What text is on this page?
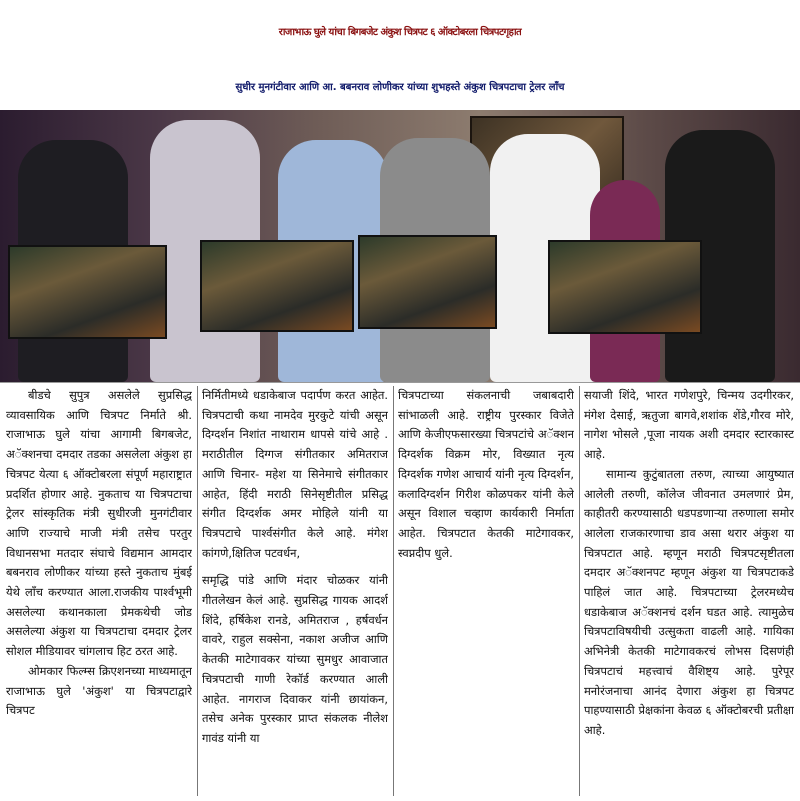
राजाभाऊ घुले यांचा बिगबजेट अंकुश चित्रपट ६ ऑक्टोबरला चित्रपटगृहात
सुधीर मुनगंटीवार आणि आ. बबनराव लोणीकर यांच्या शुभहस्ते अंकुश चित्रपटाचा ट्रेलर लाँच

बीडचे सुपुत्र असलेले सुप्रसिद्ध व्यावसायिक आणि चित्रपट निर्माते श्री. राजाभाऊ घुले यांचा आगामी बिगबजेट, अॅक्शनचा दमदार तडका असलेला अंकुश हा चित्रपट येत्या ६ ऑक्टोबरला संपूर्ण महाराष्ट्रात प्रदर्शित होणार आहे. नुकताच या चित्रपटाचा ट्रेलर सांस्कृतिक मंत्री सुधीरजी मुनगंटीवार आणि राज्याचे माजी मंत्री तसेच परतुर विधानसभा मतदार संघाचे विद्यमान आमदार बबनराव लोणीकर यांच्या हस्ते नुकताच मुंबई येथे लाँच करण्यात आला.राजकीय पार्श्वभूमी असलेल्या कथानकाला प्रेमकथेची जोड असलेल्या अंकुश या चित्रपटाचा दमदार ट्रेलर सोशल मीडियावर चांगलाच हिट ठरत आहे.

ओमकार फिल्म्स क्रिएशनच्या माध्यमातून राजाभाऊ घुले 'अंकुश' या चित्रपटाद्वारे चित्रपट

निर्मितीमध्ये धडाकेबाज पदार्पण करत आहेत. चित्रपटाची कथा नामदेव मुरकुटे यांची असून दिग्दर्शन निशांत नाथाराम धापसे यांचे आहे . मराठीतील दिग्गज संगीतकार अमितराज आणि चिनार- महेश या सिनेमाचे संगीतकार आहेत, हिंदी मराठी सिनेसृष्टीतील प्रसिद्ध संगीत दिग्दर्शक अमर मोहिले यांनी या चित्रपटाचे पार्श्वसंगीत केले आहे. मंगेश कांगणे,क्षितिज पटवर्धन,

समृद्धि पांडे आणि मंदार चोळकर यांनी गीतलेखन केलं आहे. सुप्रसिद्ध गायक आदर्श शिंदे, हर्षिकेश रानडे, अमितराज , हर्षवर्धन वावरे, राहुल सक्सेना, नकाश अजीज आणि केतकी माटेगावकर यांच्या सुमधुर आवाजात चित्रपटाची गाणी रेकॉर्ड करण्यात आली आहेत. नागराज दिवाकर यांनी छायांकन, तसेच अनेक पुरस्कार प्राप्त संकलक नीलेश गावंड यांनी या

चित्रपटाच्या संकलनाची जबाबदारी सांभाळली आहे. राष्ट्रीय पुरस्कार विजेते आणि केजीएफसारख्या चित्रपटांचे अॅक्शन दिग्दर्शक विक्रम मोर, विख्यात नृत्य दिग्दर्शक गणेश आचार्य यांनी नृत्य दिग्दर्शन, कलादिग्दर्शन गिरीश कोळपकर यांनी केले असून विशाल चव्हाण कार्यकारी निर्माता आहेत. चित्रपटात केतकी माटेगावकर, स्वप्नदीप धुले.

सयाजी शिंदे, भारत गणेशपुरे, चिन्मय उदगीरकर, मंगेश देसाई, ऋतुजा बागवे,शशांक शेंडे,गौरव मोरे, नागेश भोसले ,पूजा नायक अशी दमदार स्टारकास्ट आहे.

सामान्य कुटुंबातला तरुण, त्याच्या आयुष्यात आलेली तरुणी, कॉलेज जीवनात उमलणारं प्रेम, काहीतरी करण्यासाठी धडपडणाऱ्या तरुणाला समोर आलेला राजकारणाचा डाव असा थरार अंकुश या चित्रपटात आहे. म्हणून मराठी चित्रपटसृष्टीतला दमदार अॅक्शनपट म्हणून अंकुश या चित्रपटाकडे पाहिलं जात आहे. चित्रपटाच्या ट्रेलरमध्येच धडाकेबाज अॅक्शनचं दर्शन घडत आहे. त्यामुळेच चित्रपटाविषयीची उत्सुकता वाढली आहे. गायिका अभिनेत्री केतकी माटेगावकरचं लोभस दिसणंही चित्रपटाचं महत्त्वाचं वैशिष्ट्य आहे. पुरेपूर मनोरंजनाचा आनंद देणारा अंकुश हा चित्रपट पाहण्यासाठी प्रेक्षकांना केवळ ६ ऑक्टोबरची प्रतीक्षा आहे.
